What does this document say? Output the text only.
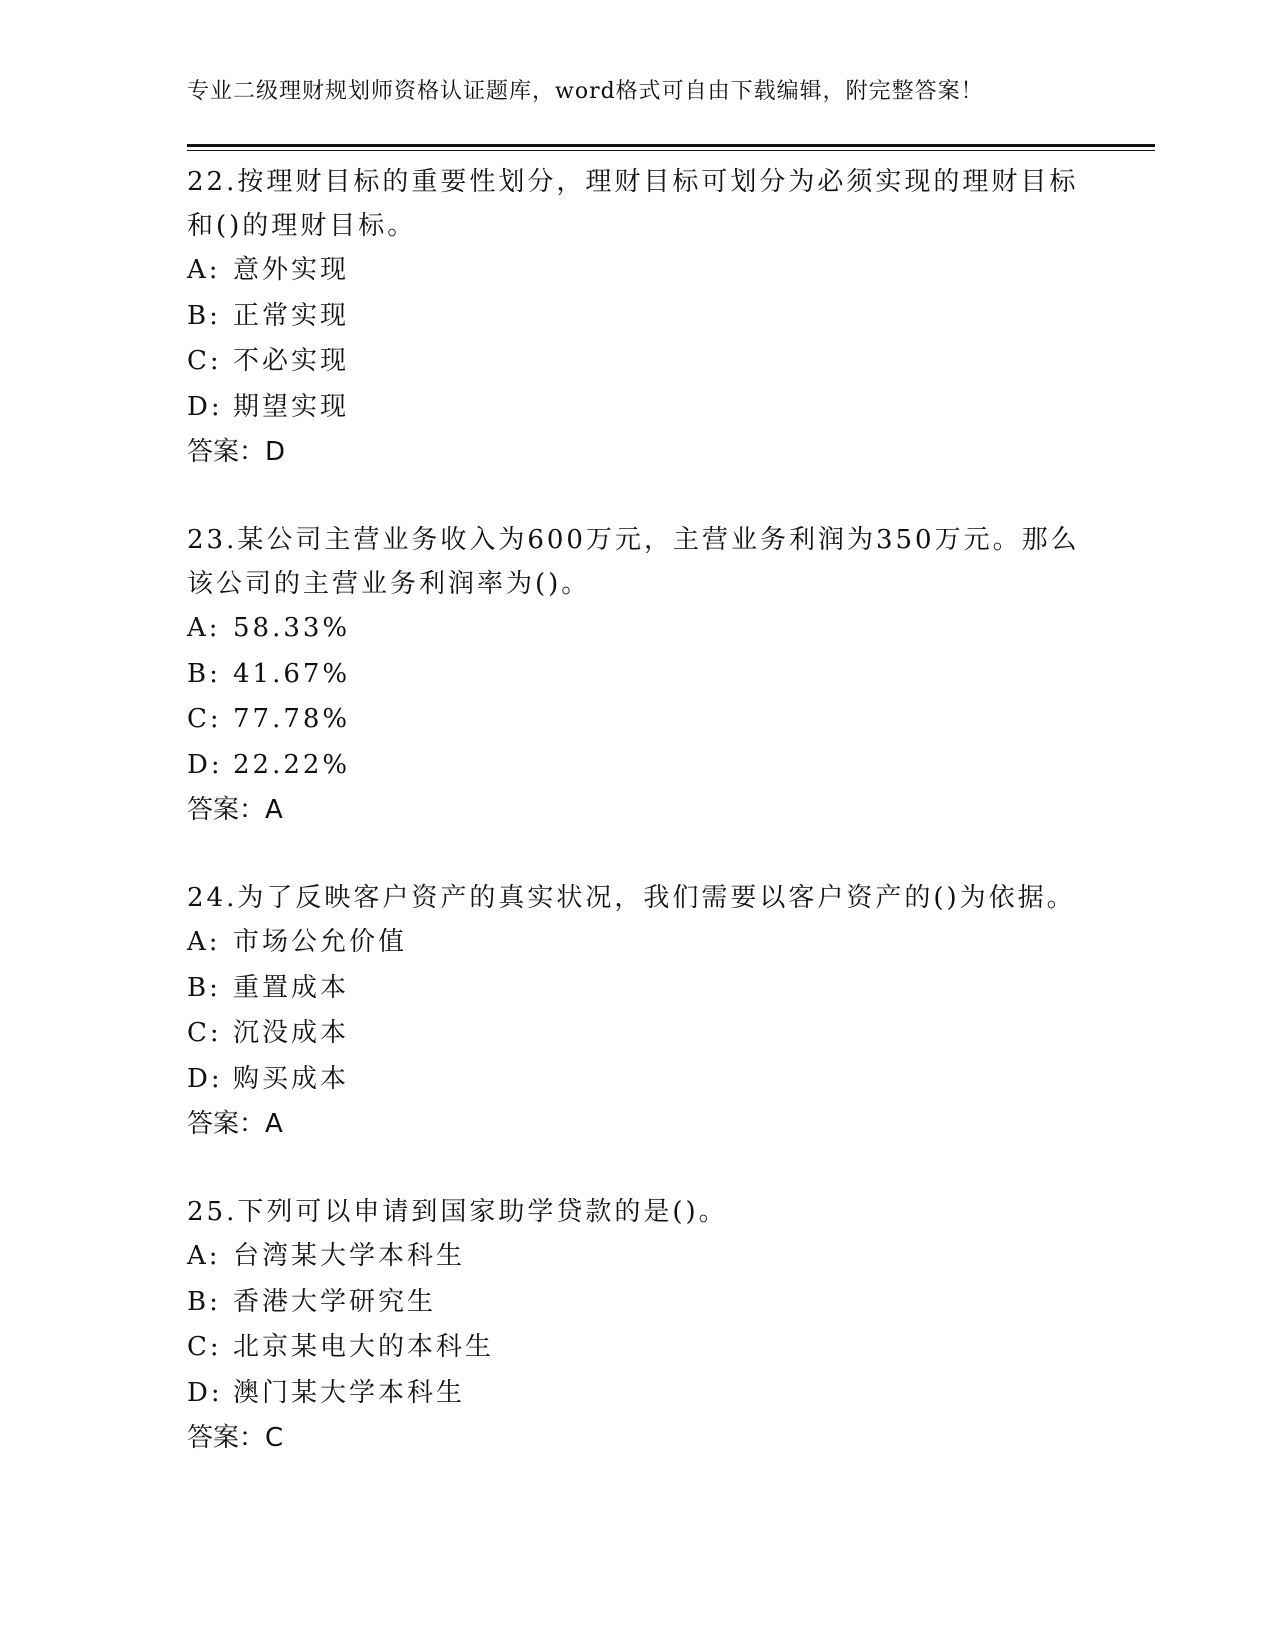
专业二级理财规划师资格认证题库，word格式可自由下载编辑，附完整答案！

22.按理财目标的重要性划分，理财目标可划分为必须实现的理财目标和()的理财目标。

A: 意外实现

B: 正常实现

C: 不必实现

D: 期望实现

答案：D

23.某公司主营业务收入为600万元，主营业务利润为350万元。那么该公司的主营业务利润率为()。

A: 58.33%

B: 41.67%

C: 77.78%

D: 22.22%

答案：A

24.为了反映客户资产的真实状况，我们需要以客户资产的()为依据。

A: 市场公允价值

B: 重置成本

C: 沉没成本

D: 购买成本

答案：A

25.下列可以申请到国家助学贷款的是()。

A: 台湾某大学本科生

B: 香港大学研究生

C: 北京某电大的本科生

D: 澳门某大学本科生

答案：C
